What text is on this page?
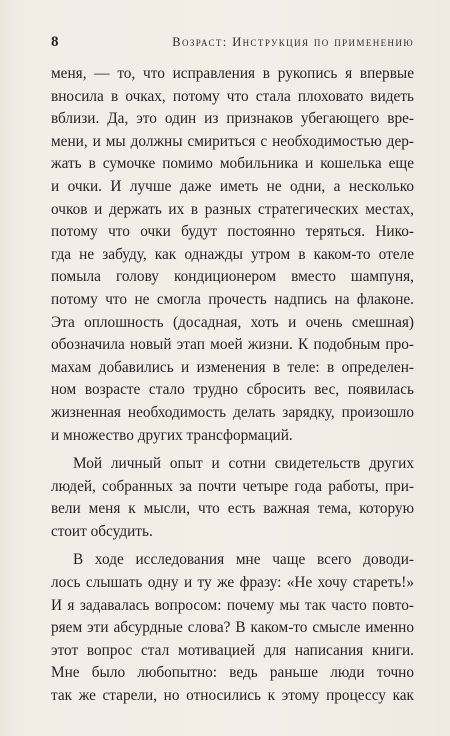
8	Возраст: Инструкция по применению
меня, — то, что исправления в рукопись я впервые
вносила в очках, потому что стала плоховато видеть
вблизи. Да, это один из признаков убегающего вре-
мени, и мы должны смириться с необходимостью дер-
жать в сумочке помимо мобильника и кошелька еще
и очки. И лучше даже иметь не одни, а несколько
очков и держать их в разных стратегических местах,
потому что очки будут постоянно теряться. Нико-
гда не забуду, как однажды утром в каком-то отеле
помыла голову кондиционером вместо шампуня,
потому что не смогла прочесть надпись на флаконе.
Эта оплошность (досадная, хоть и очень смешная)
обозначила новый этап моей жизни. К подобным про-
махам добавились и изменения в теле: в определен-
ном возрасте стало трудно сбросить вес, появилась
жизненная необходимость делать зарядку, произошло
и множество других трансформаций.
Мой личный опыт и сотни свидетельств других
людей, собранных за почти четыре года работы, при-
вели меня к мысли, что есть важная тема, которую
стоит обсудить.
В ходе исследования мне чаще всего доводи-
лось слышать одну и ту же фразу: «Не хочу стареть!»
И я задавалась вопросом: почему мы так часто повто-
ряем эти абсурдные слова? В каком-то смысле именно
этот вопрос стал мотивацией для написания книги.
Мне было любопытно: ведь раньше люди точно
так же старели, но относились к этому процессу как
